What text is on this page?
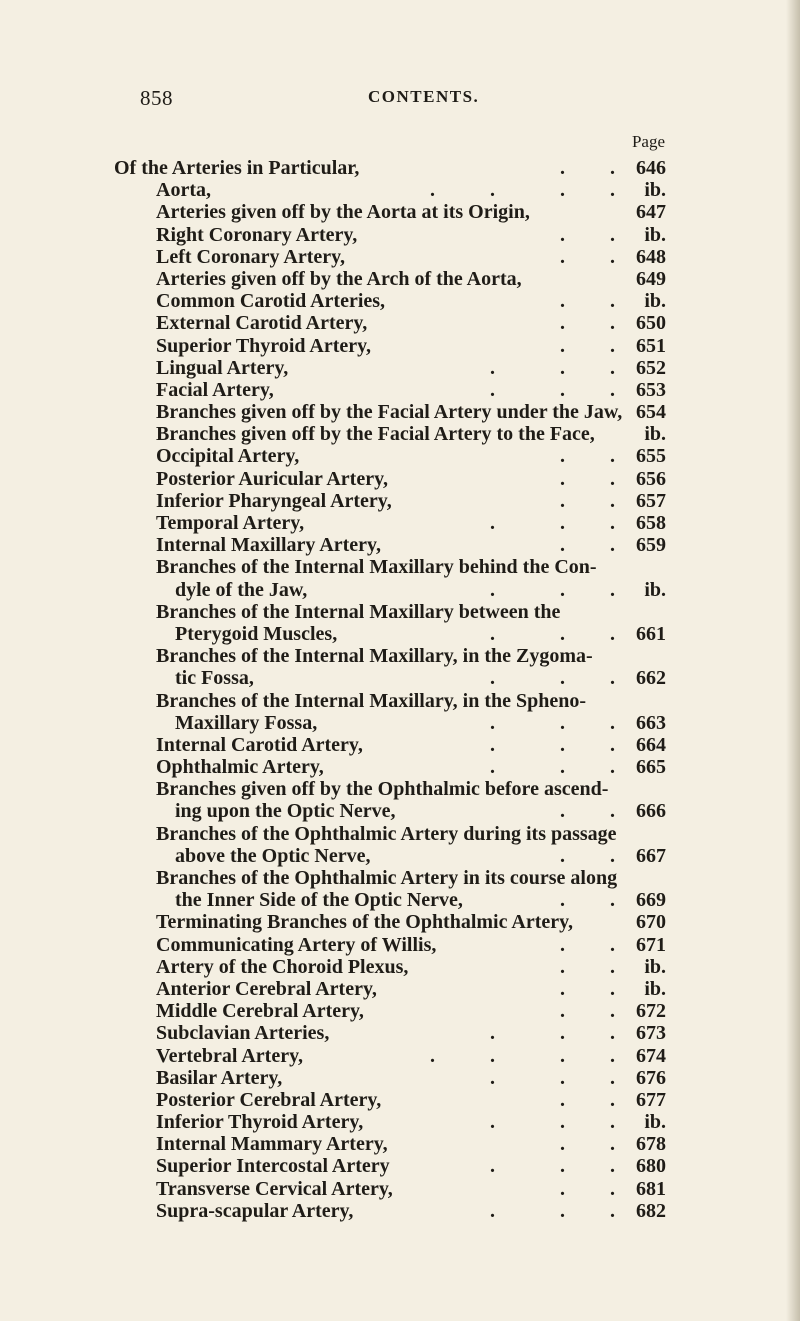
858	CONTENTS.
Page
Of the Arteries in Particular,	. . 646
Aorta,	.	.	. . ib.
Arteries given off by the Aorta at its Origin,	647
Right Coronary Artery,	. . ib.
Left Coronary Artery,	. . 648
Arteries given off by the Arch of the Aorta,	649
Common Carotid Arteries,	. . ib.
External Carotid Artery,	. . 650
Superior Thyroid Artery,	. . 651
Lingual Artery,	.	. . 652
Facial Artery,	.	. . 653
Branches given off by the Facial Artery under the Jaw, 654
Branches given off by the Facial Artery to the Face, ib.
Occipital Artery,	. . 655
Posterior Auricular Artery,	. . 656
Inferior Pharyngeal Artery,	. . 657
Temporal Artery,	.	. . 658
Internal Maxillary Artery,	. . 659
Branches of the Internal Maxillary behind the Con-
dyle of the Jaw,	.	. . ib.
Branches of the Internal Maxillary between the
Pterygoid Muscles,	.	. . 661
Branches of the Internal Maxillary, in the Zygoma-
tic Fossa,	.	. . 662
Branches of the Internal Maxillary, in the Spheno-
Maxillary Fossa,	.	. . 663
Internal Carotid Artery,	.	. . 664
Ophthalmic Artery,	.	. . 665
Branches given off by the Ophthalmic before ascend-
ing upon the Optic Nerve,	. . 666
Branches of the Ophthalmic Artery during its passage
above the Optic Nerve,	. . 667
Branches of the Ophthalmic Artery in its course along
the Inner Side of the Optic Nerve,	. . 669
Terminating Branches of the Ophthalmic Artery,	670
Communicating Artery of Willis,	. . 671
Artery of the Choroid Plexus,	. . ib.
Anterior Cerebral Artery,	. . ib.
Middle Cerebral Artery,	. . 672
Subclavian Arteries,	.	. . 673
Vertebral Artery,	.	.	. . 674
Basilar Artery,	.	. . 676
Posterior Cerebral Artery,	. . 677
Inferior Thyroid Artery,	.	. . ib.
Internal Mammary Artery,	. . 678
Superior Intercostal Artery	.	. . 680
Transverse Cervical Artery,	. . 681
Supra-scapular Artery,	.	. . 682
